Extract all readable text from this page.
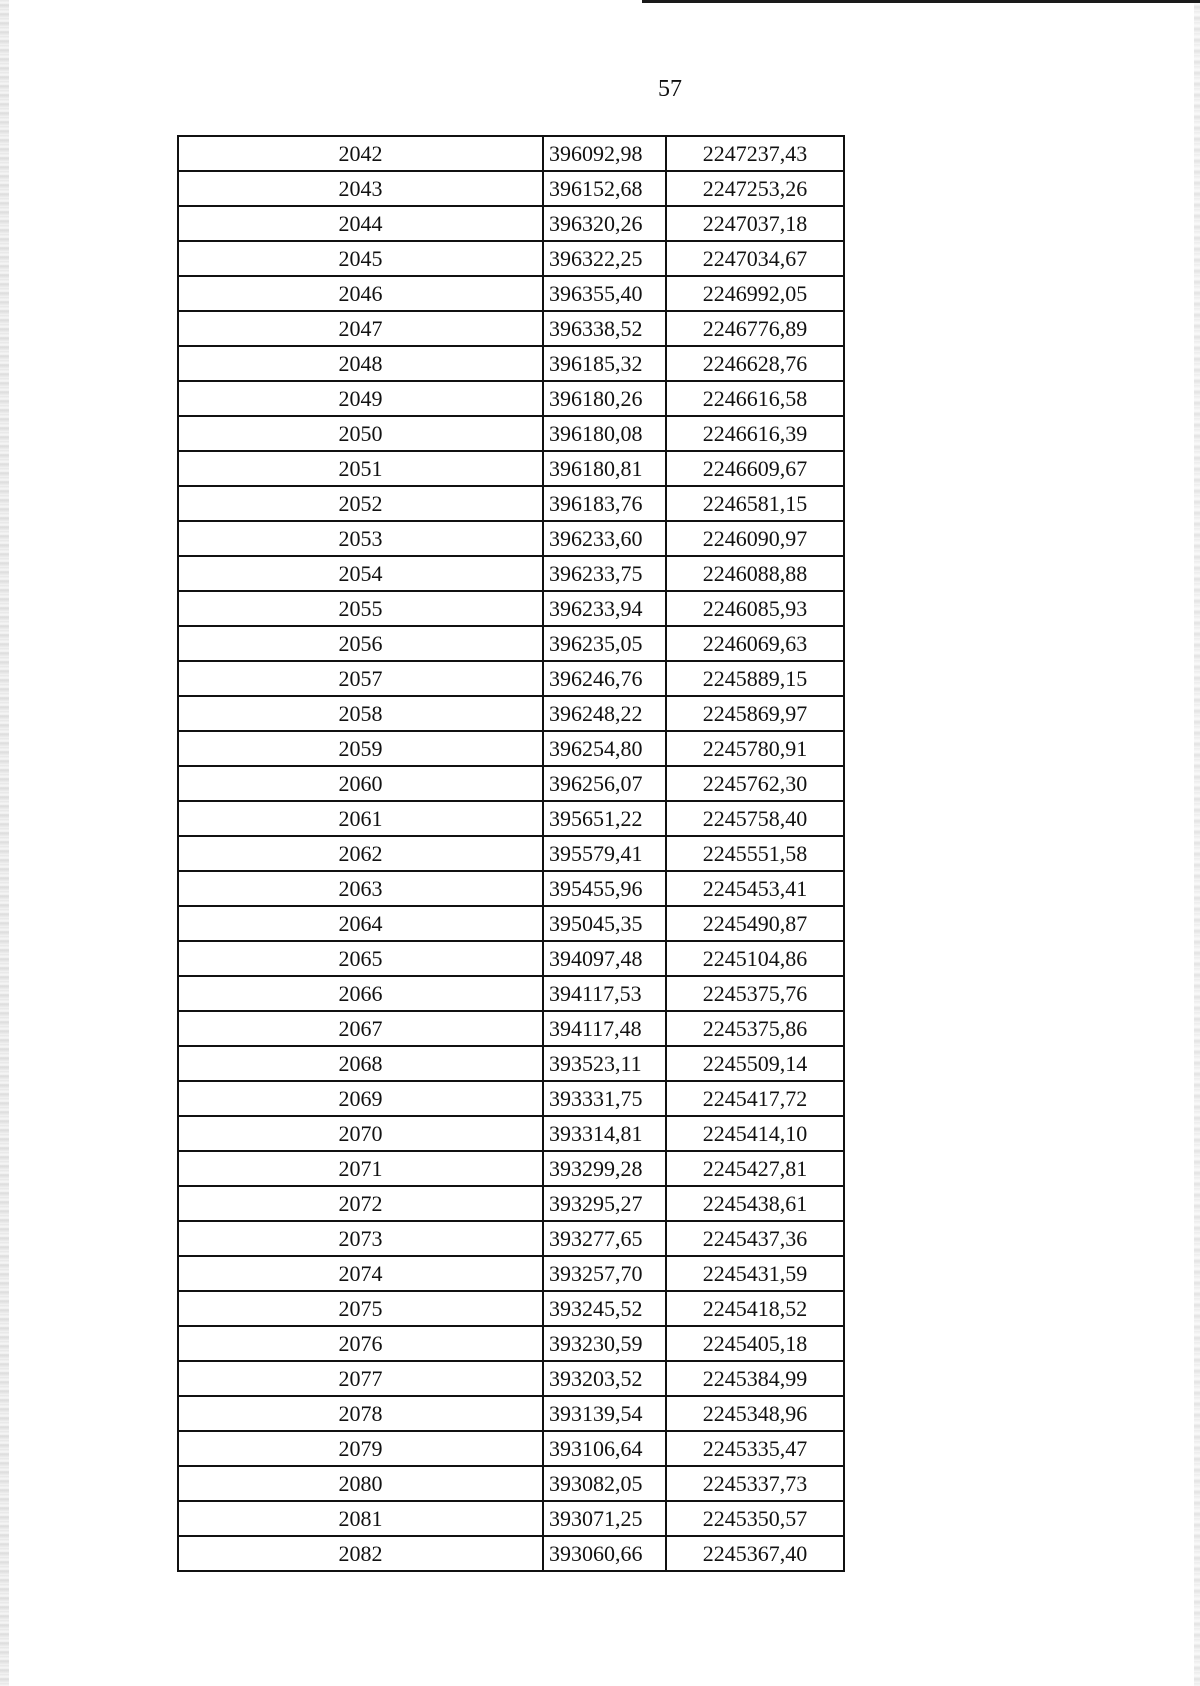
57
2042	396092,98	2247237,43
2043	396152,68	2247253,26
2044	396320,26	2247037,18
2045	396322,25	2247034,67
2046	396355,40	2246992,05
2047	396338,52	2246776,89
2048	396185,32	2246628,76
2049	396180,26	2246616,58
2050	396180,08	2246616,39
2051	396180,81	2246609,67
2052	396183,76	2246581,15
2053	396233,60	2246090,97
2054	396233,75	2246088,88
2055	396233,94	2246085,93
2056	396235,05	2246069,63
2057	396246,76	2245889,15
2058	396248,22	2245869,97
2059	396254,80	2245780,91
2060	396256,07	2245762,30
2061	395651,22	2245758,40
2062	395579,41	2245551,58
2063	395455,96	2245453,41
2064	395045,35	2245490,87
2065	394097,48	2245104,86
2066	394117,53	2245375,76
2067	394117,48	2245375,86
2068	393523,11	2245509,14
2069	393331,75	2245417,72
2070	393314,81	2245414,10
2071	393299,28	2245427,81
2072	393295,27	2245438,61
2073	393277,65	2245437,36
2074	393257,70	2245431,59
2075	393245,52	2245418,52
2076	393230,59	2245405,18
2077	393203,52	2245384,99
2078	393139,54	2245348,96
2079	393106,64	2245335,47
2080	393082,05	2245337,73
2081	393071,25	2245350,57
2082	393060,66	2245367,40
